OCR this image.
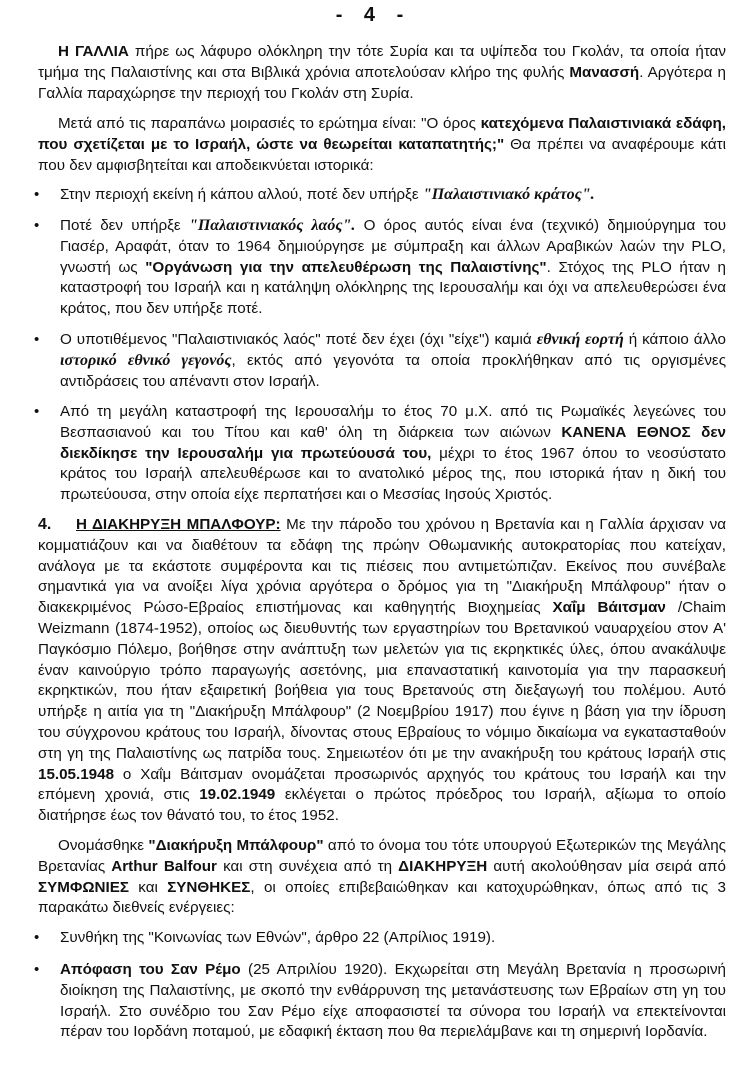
- 4 -
Η ΓΑΛΛΙΑ πήρε ως λάφυρο ολόκληρη την τότε Συρία και τα υψίπεδα του Γκολάν, τα οποία ήταν τμήμα της Παλαιστίνης και στα Βιβλικά χρόνια αποτελούσαν κλήρο της φυλής Μανασσή. Αργότερα η Γαλλία παραχώρησε την περιοχή του Γκολάν στη Συρία.
Μετά από τις παραπάνω μοιρασιές το ερώτημα είναι: "Ο όρος κατεχόμενα Παλαιστινιακά εδάφη, που σχετίζεται με το Ισραήλ, ώστε να θεωρείται καταπατητής;" Θα πρέπει να αναφέρουμε κάτι που δεν αμφισβητείται και αποδεικνύεται ιστορικά:
• Στην περιοχή εκείνη ή κάπου αλλού, ποτέ δεν υπήρξε "Παλαιστινιακό κράτος".
• Ποτέ δεν υπήρξε "Παλαιστινιακός λαός". Ο όρος αυτός είναι ένα (τεχνικό) δημιούργημα του Γιασέρ, Αραφάτ, όταν το 1964 δημιούργησε με σύμπραξη και άλλων Αραβικών λαών την PLO, γνωστή ως "Οργάνωση για την απελευθέρωση της Παλαιστίνης". Στόχος της PLO ήταν η καταστροφή του Ισραήλ και η κατάληψη ολόκληρης της Ιερουσαλήμ και όχι να απελευθερώσει ένα κράτος, που δεν υπήρξε ποτέ.
• Ο υποτιθέμενος "Παλαιστινιακός λαός" ποτέ δεν έχει (όχι "είχε") καμιά εθνική εορτή ή κάποιο άλλο ιστορικό εθνικό γεγονός, εκτός από γεγονότα τα οποία προκλήθηκαν από τις οργισμένες αντιδράσεις του απέναντι στον Ισραήλ.
• Από τη μεγάλη καταστροφή της Ιερουσαλήμ το έτος 70 μ.Χ. από τις Ρωμαϊκές λεγεώνες του Βεσπασιανού και του Τίτου και καθ' όλη τη διάρκεια των αιώνων ΚΑΝΕΝΑ ΕΘΝΟΣ δεν διεκδίκησε την Ιερουσαλήμ για πρωτεύουσά του, μέχρι το έτος 1967 όπου το νεοσύστατο κράτος του Ισραήλ απελευθέρωσε και το ανατολικό μέρος της, που ιστορικά ήταν η δική του πρωτεύουσα, στην οποία είχε περπατήσει και ο Μεσσίας Ιησούς Χριστός.
4. Η ΔΙΑΚΗΡΥΞΗ ΜΠΑΛΦΟΥΡ: Με την πάροδο του χρόνου η Βρετανία και η Γαλλία άρχισαν να κομματιάζουν και να διαθέτουν τα εδάφη της πρώην Οθωμανικής αυτοκρατορίας που κατείχαν, ανάλογα με τα εκάστοτε συμφέροντα και τις πιέσεις που αντιμετώπιζαν. Εκείνος που συνέβαλε σημαντικά για να ανοίξει λίγα χρόνια αργότερα ο δρόμος για τη "Διακήρυξη Μπάλφουρ" ήταν ο διακεκριμένος Ρώσο-Εβραίος επιστήμονας και καθηγητής Βιοχημείας Χαΐμ Βάιτσμαν /Chaim Weizmann (1874-1952), οποίος ως διευθυντής των εργαστηρίων του Βρετανικού ναυαρχείου στον Α' Παγκόσμιο Πόλεμο, βοήθησε στην ανάπτυξη των μελετών για τις εκρηκτικές ύλες, όπου ανακάλυψε έναν καινούργιο τρόπο παραγωγής ασετόνης, μια επαναστατική καινοτομία για την παρασκευή εκρηκτικών, που ήταν εξαιρετική βοήθεια για τους Βρετανούς στη διεξαγωγή του πολέμου. Αυτό υπήρξε η αιτία για τη "Διακήρυξη Μπάλφουρ" (2 Νοεμβρίου 1917) που έγινε η βάση για την ίδρυση του σύγχρονου κράτους του Ισραήλ, δίνοντας στους Εβραίους το νόμιμο δικαίωμα να εγκατασταθούν στη γη της Παλαιστίνης ως πατρίδα τους. Σημειωτέον ότι με την ανακήρυξη του κράτους Ισραήλ στις 15.05.1948 ο Χαΐμ Βάιτσμαν ονομάζεται προσωρινός αρχηγός του κράτους του Ισραήλ και την επόμενη χρονιά, στις 19.02.1949 εκλέγεται ο πρώτος πρόεδρος του Ισραήλ, αξίωμα το οποίο διατήρησε έως τον θάνατό του, το έτος 1952.
Ονομάσθηκε "Διακήρυξη Μπάλφουρ" από το όνομα του τότε υπουργού Εξωτερικών της Μεγάλης Βρετανίας Arthur Balfour και στη συνέχεια από τη ΔΙΑΚΗΡΥΞΗ αυτή ακολούθησαν μία σειρά από ΣΥΜΦΩΝΙΕΣ και ΣΥΝΘΗΚΕΣ, οι οποίες επιβεβαιώθηκαν και κατοχυρώθηκαν, όπως από τις 3 παρακάτω διεθνείς ενέργειες:
• Συνθήκη της "Κοινωνίας των Εθνών", άρθρο 22 (Απρίλιος 1919).
• Απόφαση του Σαν Ρέμο (25 Απριλίου 1920). Εκχωρείται στη Μεγάλη Βρετανία η προσωρινή διοίκηση της Παλαιστίνης, με σκοπό την ενθάρρυνση της μετανάστευσης των Εβραίων στη γη του Ισραήλ. Στο συνέδριο του Σαν Ρέμο είχε αποφασιστεί τα σύνορα του Ισραήλ να επεκτείνονται πέραν του Ιορδάνη ποταμού, με εδαφική έκταση που θα περιελάμβανε και τη σημερινή Ιορδανία.
